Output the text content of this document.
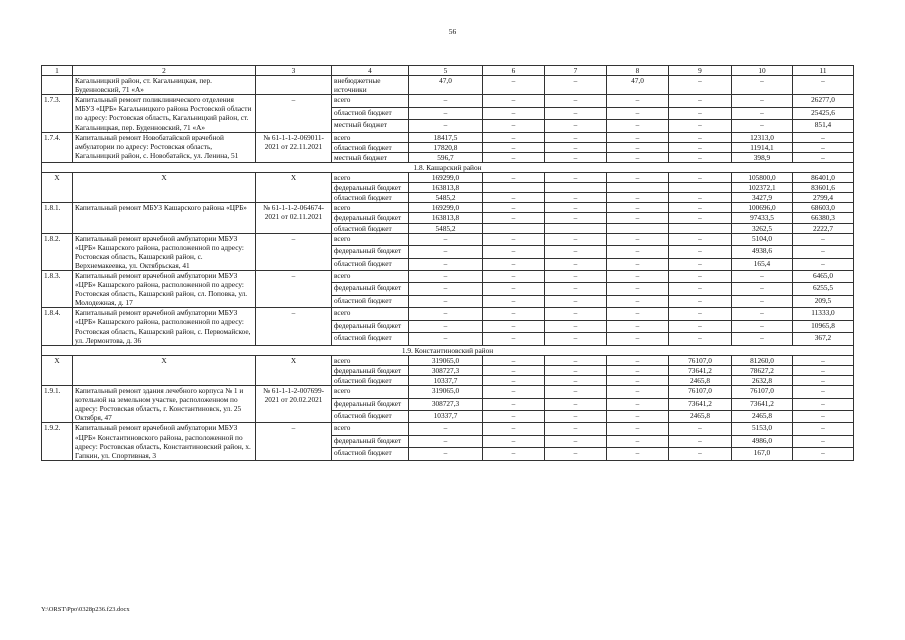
56
1	2	3	4	5	6	7	8	9	10	11
	Кагальницкий район, ст. Кагальницкая, пер. Буденновский, 71 «А»		внебюджетные источники	47,0	–	–	47,0	–	–	–
1.7.3.	Капитальный ремонт поликлинического отделения МБУЗ «ЦРБ» Кагальницкого района Ростовской области по адресу: Ростовская область, Кагальницкий район, ст. Кагальницкая, пер. Буденновский, 71 «А»	–	всего	–	–	–	–	–	–	26277,0
			областной бюджет	–	–	–	–	–	–	25425,6
			местный бюджет	–	–	–	–	–	–	851,4
1.7.4.	Капитальный ремонт Новобатайской врачебной амбулатории по адресу: Ростовская область, Кагальницкий район, с. Новобатайск, ул. Ленина, 51	№ 61-1-1-2-069011-2021 от 22.11.2021	всего	18417,5	–	–	–	–	12313,0	–
			областной бюджет	17820,8	–	–	–	–	11914,1	–
			местный бюджет	596,7	–	–	–	–	398,9	–
1.8. Кашарский район										
X	X	X	всего	169299,0	–	–	–	–	105800,0	86401,0
			федеральный бюджет	163813,8					102372,1	83601,6
			областной бюджет	5485,2	–	–	–	–	3427,9	2799,4
1.8.1.	Капитальный ремонт МБУЗ Кашарского района «ЦРБ»	№ 61-1-1-2-064674-2021 от 02.11.2021	всего	169299,0	–	–	–	–	100696,0	68603,0
			федеральный бюджет	163813,8	–	–	–	–	97433,5	66380,3
			областной бюджет	5485,2					3262,5	2222,7
1.8.2.	Капитальный ремонт врачебной амбулатории МБУЗ «ЦРБ» Кашарского района, расположенной по адресу: Ростовская область, Кашарский район, с. Верхнемакеевка, ул. Октябрьская, 41	–	всего	–	–	–	–	–	5104,0	–
			федеральный бюджет	–	–	–	–	–	4938,6	–
			областной бюджет	–	–	–	–	–	165,4	–
1.8.3.	Капитальный ремонт врачебной амбулатории МБУЗ «ЦРБ» Кашарского района, расположенной по адресу: Ростовская область, Кашарский район, сл. Поповка, ул. Молодежная, д. 17	–	всего	–	–	–	–	–	–	6465,0
			федеральный бюджет	–	–	–	–	–	–	6255,5
			областной бюджет	–	–	–	–	–	–	209,5
1.8.4.	Капитальный ремонт врачебной амбулатории МБУЗ «ЦРБ» Кашарского района, расположенной по адресу: Ростовская область, Кашарский район, с. Первомайское, ул. Лермонтова, д. 36	–	всего	–	–	–	–	–	–	11333,0
			федеральный бюджет	–	–	–	–	–	–	10965,8
			областной бюджет	–	–	–	–	–	–	367,2
1.9. Константиновский район										
X	X	X	всего	319065,0	–	–	–	76107,0	81260,0	–
			федеральный бюджет	308727,3	–	–	–	73641,2	78627,2	–
			областной бюджет	10337,7	–	–	–	2465,8	2632,8	–
1.9.1.	Капитальный ремонт здания лечебного корпуса № 1 и котельной на земельном участке, расположенном по адресу: Ростовская область, г. Константиновск, ул. 25 Октября, 47	№ 61-1-1-2-007699-2021 от 20.02.2021	всего	319065,0	–	–	–	76107,0	76107,0	–
			федеральный бюджет	308727,3	–	–	–	73641,2	73641,2	–
			областной бюджет	10337,7	–	–	–	2465,8	2465,8	–
1.9.2.	Капитальный ремонт врачебной амбулатории МБУЗ «ЦРБ» Константиновского района, расположенной по адресу: Ростовская область, Константиновский район, х. Гапкин, ул. Спортивная, 3	–	всего	–	–	–	–	–	5153,0	–
			федеральный бюджет	–	–	–	–	–	4986,0	–
			областной бюджет	–	–	–	–	–	167,0	–
Y:\ORST\Ppo\0328p236.f23.docx
